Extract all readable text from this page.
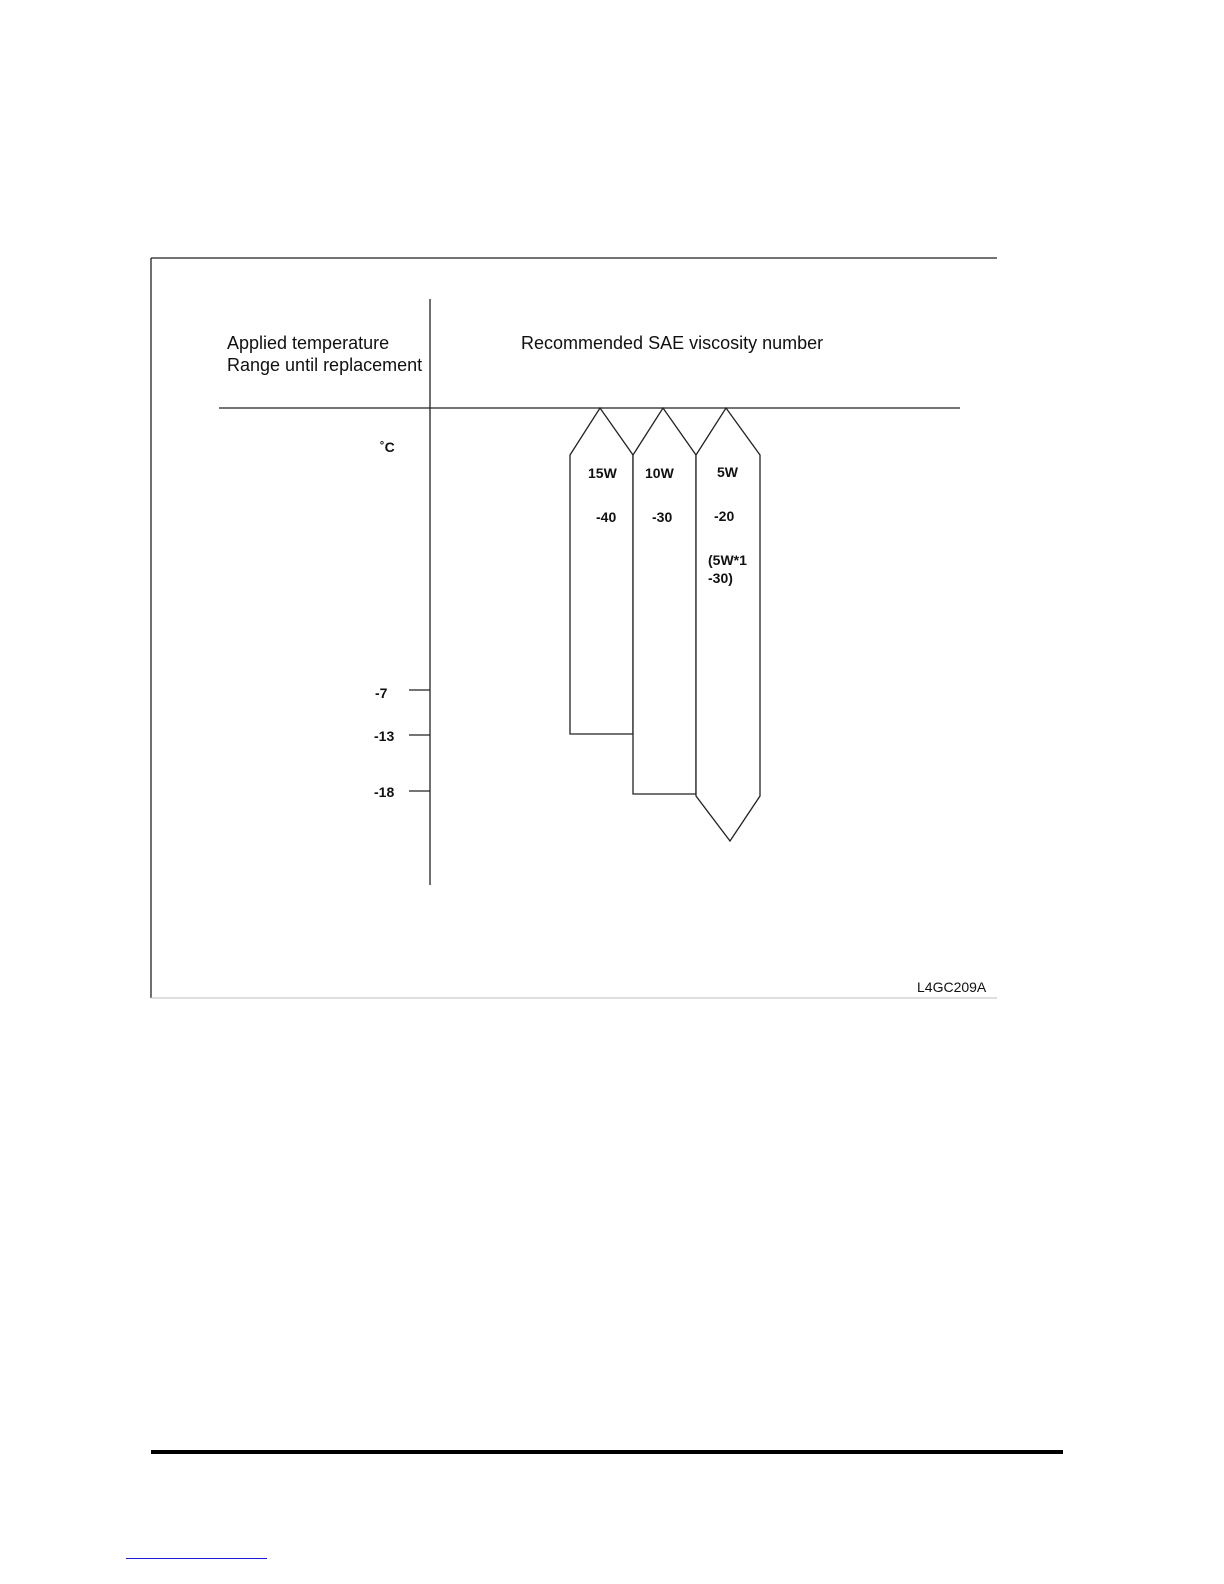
Applied temperature
Range until replacement
Recommended SAE viscosity number
˚C
-7
-13
-18
15W
-40
10W
-30
5W
-20
(5W*1
-30)
L4GC209A
